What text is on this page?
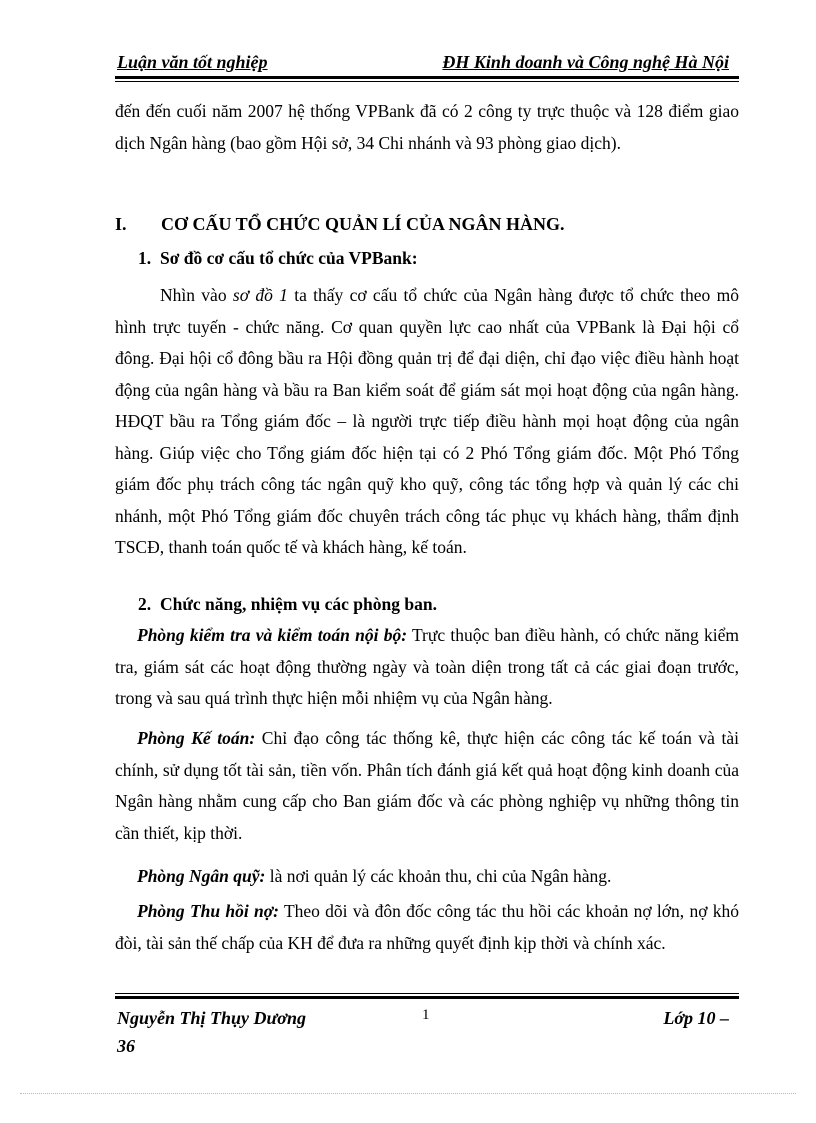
Luận văn tốt nghiệp	ĐH Kinh doanh và Công nghệ Hà Nội

đến đến cuối năm 2007 hệ thống VPBank đã có 2 công ty trực thuộc và 128 điểm giao dịch Ngân hàng (bao gồm Hội sở, 34 Chi nhánh và 93 phòng giao dịch).

I. CƠ CẤU TỔ CHỨC QUẢN LÍ CỦA NGÂN HÀNG.
1. Sơ đồ cơ cấu tổ chức của VPBank:

Nhìn vào sơ đồ 1 ta thấy cơ cấu tổ chức của Ngân hàng được tổ chức theo mô hình trực tuyến - chức năng. Cơ quan quyền lực cao nhất của VPBank là Đại hội cổ đông. Đại hội cổ đông bầu ra Hội đồng quản trị để đại diện, chỉ đạo việc điều hành hoạt động của ngân hàng và bầu ra Ban kiểm soát để giám sát mọi hoạt động của ngân hàng. HĐQT bầu ra Tổng giám đốc – là người trực tiếp điều hành mọi hoạt động của ngân hàng. Giúp việc cho Tổng giám đốc hiện tại có 2 Phó Tổng giám đốc. Một Phó Tổng giám đốc phụ trách công tác ngân quỹ kho quỹ, công tác tổng hợp và quản lý các chi nhánh, một Phó Tổng giám đốc chuyên trách công tác phục vụ khách hàng, thẩm định TSCĐ, thanh toán quốc tế và khách hàng, kế toán.

2. Chức năng, nhiệm vụ các phòng ban.

Phòng kiểm tra và kiểm toán nội bộ: Trực thuộc ban điều hành, có chức năng kiểm tra, giám sát các hoạt động thường ngày và toàn diện trong tất cả các giai đoạn trước, trong và sau quá trình thực hiện mỗi nhiệm vụ của Ngân hàng.

Phòng Kế toán: Chỉ đạo công tác thống kê, thực hiện các công tác kế toán và tài chính, sử dụng tốt tài sản, tiền vốn. Phân tích đánh giá kết quả hoạt động kinh doanh của Ngân hàng nhằm cung cấp cho Ban giám đốc và các phòng nghiệp vụ những thông tin cần thiết, kịp thời.

Phòng Ngân quỹ: là nơi quản lý các khoản thu, chi của Ngân hàng.

Phòng Thu hồi nợ: Theo dõi và đôn đốc công tác thu hồi các khoản nợ lớn, nợ khó đòi, tài sản thế chấp của KH để đưa ra những quyết định kịp thời và chính xác.

Nguyễn Thị Thụy Dương	1	Lớp 10 –
36
